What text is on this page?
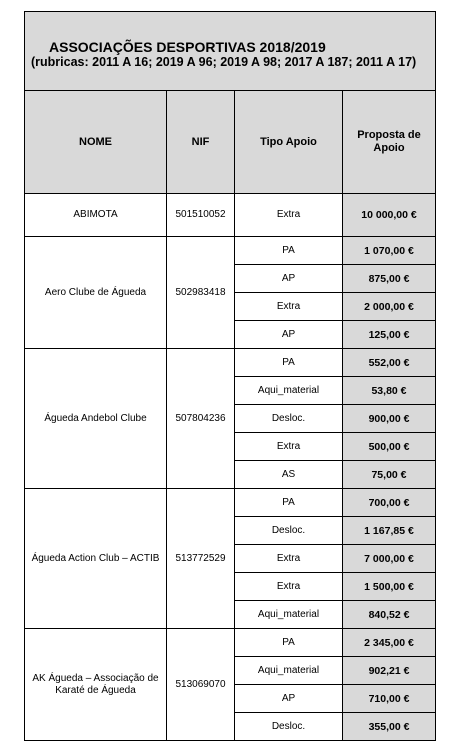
ASSOCIAÇÕES DESPORTIVAS 2018/2019
(rubricas: 2011 A 16; 2019 A 96; 2019 A 98; 2017 A 187; 2011 A 17)			

NOME	NIF	Tipo Apoio	Proposta de Apoio
ABIMOTA	501510052	Extra	10 000,00 €
Aero Clube de Águeda	502983418	PA	1 070,00 €
		AP	875,00 €
		Extra	2 000,00 €
		AP	125,00 €
Águeda Andebol Clube	507804236	PA	552,00 €
		Aqui_material	53,80 €
		Desloc.	900,00 €
		Extra	500,00 €
		AS	75,00 €
Águeda Action Club – ACTIB	513772529	PA	700,00 €
		Desloc.	1 167,85 €
		Extra	7 000,00 €
		Extra	1 500,00 €
		Aqui_material	840,52 €
AK Águeda – Associação de Karaté de Águeda	513069070	PA	2 345,00 €
		Aqui_material	902,21 €
		AP	710,00 €
		Desloc.	355,00 €
